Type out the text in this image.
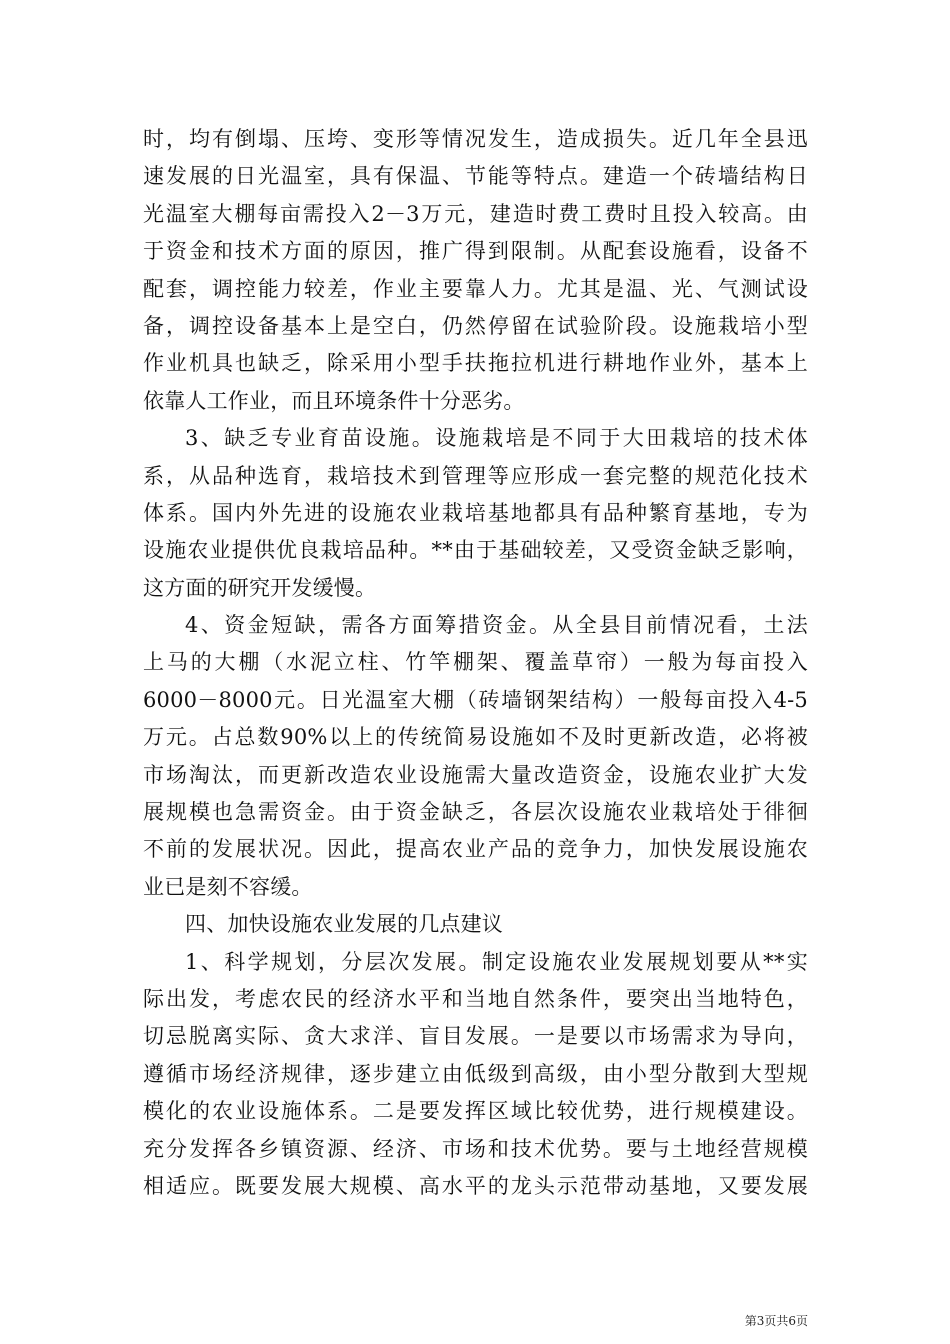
时，均有倒塌、压垮、变形等情况发生，造成损失。近几年全县迅
速发展的日光温室，具有保温、节能等特点。建造一个砖墙结构日
光温室大棚每亩需投入2－3万元，建造时费工费时且投入较高。由
于资金和技术方面的原因，推广得到限制。从配套设施看，设备不
配套，调控能力较差，作业主要靠人力。尤其是温、光、气测试设
备，调控设备基本上是空白，仍然停留在试验阶段。设施栽培小型
作业机具也缺乏，除采用小型手扶拖拉机进行耕地作业外，基本上
依靠人工作业，而且环境条件十分恶劣。
3、缺乏专业育苗设施。设施栽培是不同于大田栽培的技术体
系，从品种选育，栽培技术到管理等应形成一套完整的规范化技术
体系。国内外先进的设施农业栽培基地都具有品种繁育基地，专为
设施农业提供优良栽培品种。**由于基础较差，又受资金缺乏影响，
这方面的研究开发缓慢。
4、资金短缺，需各方面筹措资金。从全县目前情况看，土法
上马的大棚（水泥立柱、竹竿棚架、覆盖草帘）一般为每亩投入
6000－8000元。日光温室大棚（砖墙钢架结构）一般每亩投入4-5
万元。占总数90%以上的传统简易设施如不及时更新改造，必将被
市场淘汰，而更新改造农业设施需大量改造资金，设施农业扩大发
展规模也急需资金。由于资金缺乏，各层次设施农业栽培处于徘徊
不前的发展状况。因此，提高农业产品的竞争力，加快发展设施农
业已是刻不容缓。
四、加快设施农业发展的几点建议
1、科学规划，分层次发展。制定设施农业发展规划要从**实
际出发，考虑农民的经济水平和当地自然条件，要突出当地特色，
切忌脱离实际、贪大求洋、盲目发展。一是要以市场需求为导向，
遵循市场经济规律，逐步建立由低级到高级，由小型分散到大型规
模化的农业设施体系。二是要发挥区域比较优势，进行规模建设。
充分发挥各乡镇资源、经济、市场和技术优势。要与土地经营规模
相适应。既要发展大规模、高水平的龙头示范带动基地，又要发展
第3页共6页
